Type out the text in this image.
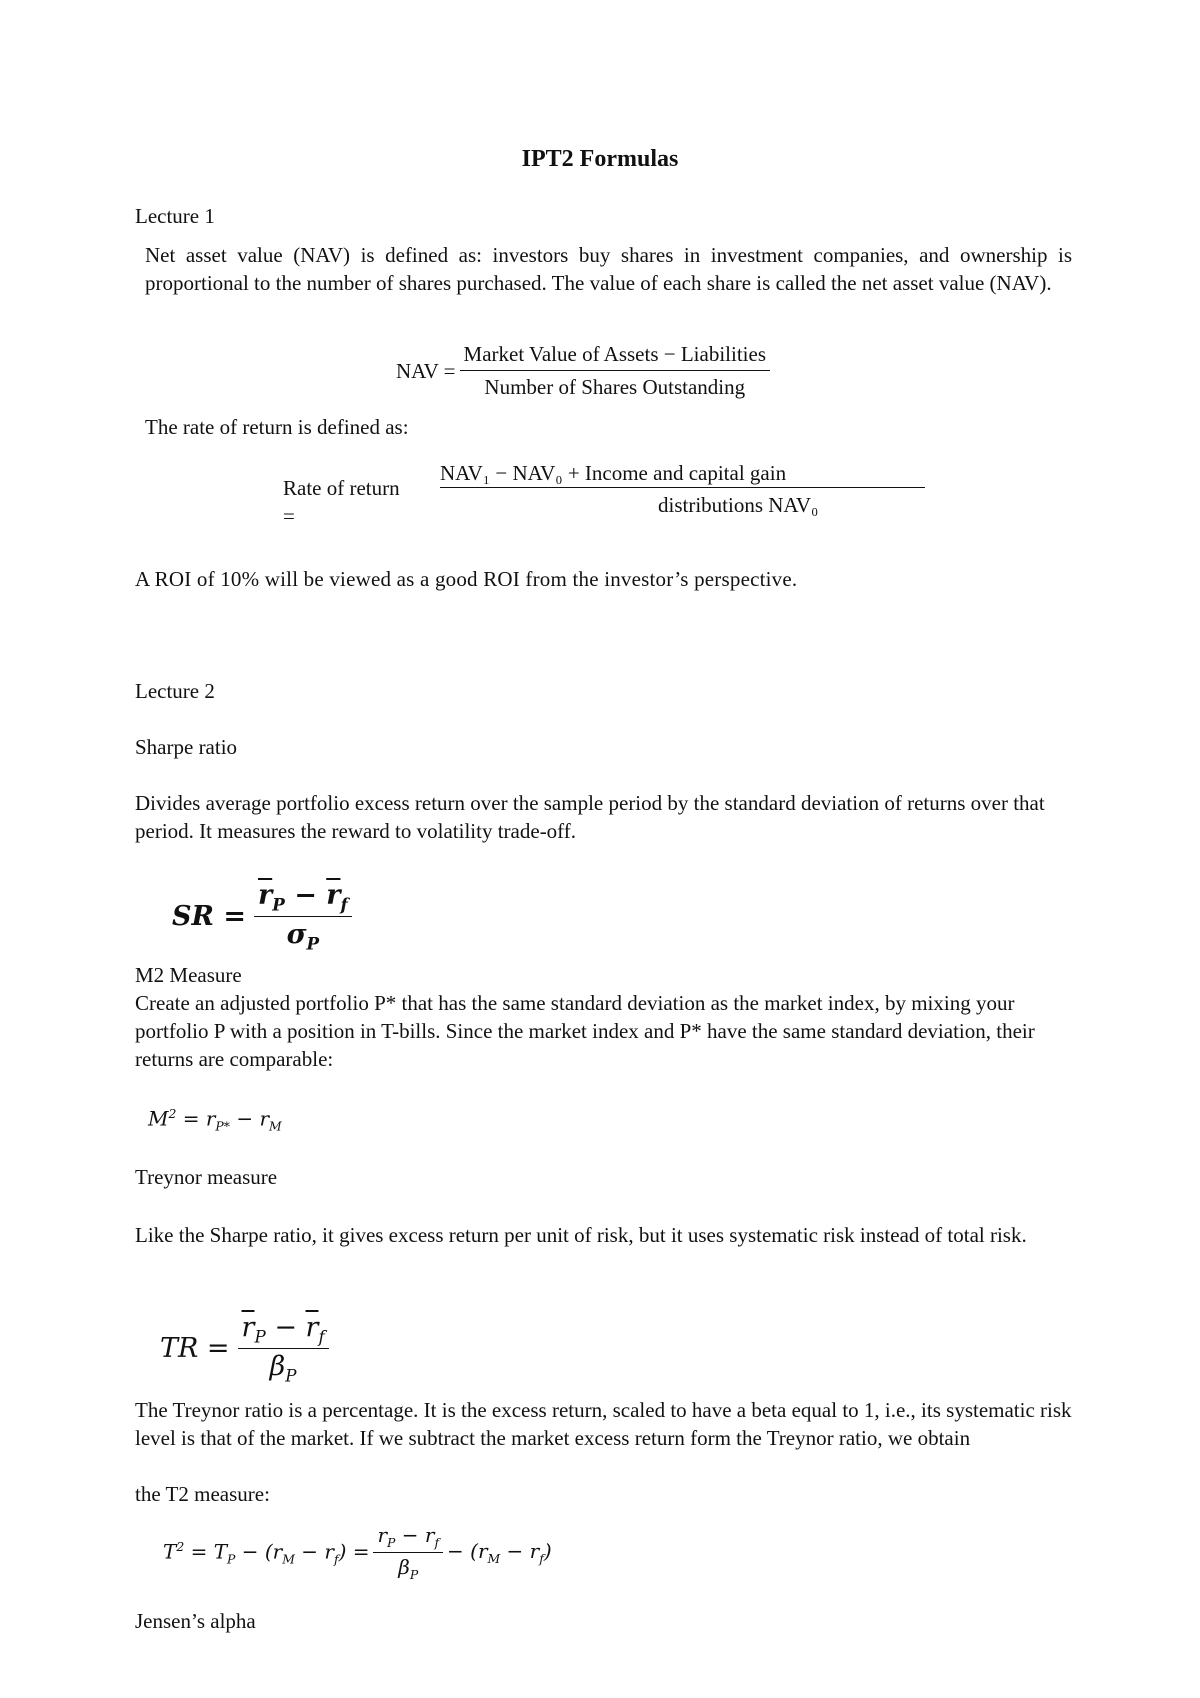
IPT2 Formulas
Lecture 1
Net asset value (NAV) is defined as: investors buy shares in investment companies, and ownership is proportional to the number of shares purchased. The value of each share is called the net asset value (NAV).
NAV = $\frac{\text{Market Value of Assets − Liabilities}}{\text{Number of Shares Outstanding}}$
The rate of return is defined as:
Rate of return
=
NAV₁ − NAV₀ + Income and capital gain
distributions NAV₀
A ROI of 10% will be viewed as a good ROI from the investor’s perspective.
Lecture 2
Sharpe ratio
Divides average portfolio excess return over the sample period by the standard deviation of returns over that period. It measures the reward to volatility trade-off.
SR = $\frac{\overline{r}_P - \overline{r}_f}{\sigma_P}$
M2 Measure
Create an adjusted portfolio P* that has the same standard deviation as the market index, by mixing your portfolio P with a position in T-bills. Since the market index and P* have the same standard deviation, their returns are comparable:
$M^2 = r_{P*} - r_M$
Treynor measure
Like the Sharpe ratio, it gives excess return per unit of risk, but it uses systematic risk instead of total risk.
TR = $\frac{\overline{r}_P - \overline{r}_f}{\beta_P}$
The Treynor ratio is a percentage. It is the excess return, scaled to have a beta equal to 1, i.e., its systematic risk level is that of the market. If we subtract the market excess return form the Treynor ratio, we obtain
the T2 measure:
$T^2 = T_P - (r_M - r_f) = \frac{r_P - r_f}{\beta_P} - (r_M - r_f)$
Jensen’s alpha
